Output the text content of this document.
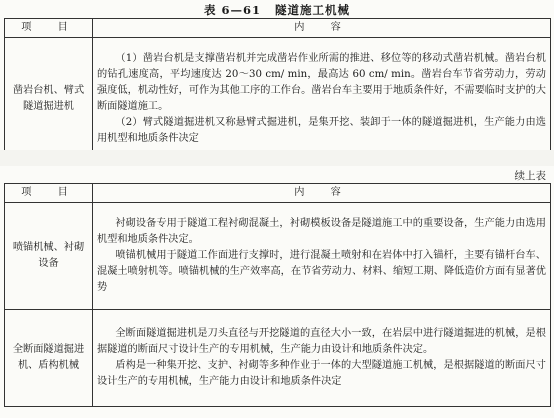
表 6—61 隧道施工机械
项　目	内　容
凿岩台机、臂式隧道掘进机	（1）凿岩台机是支撑凿岩机并完成凿岩作业所需的推进、移位等的移动式凿岩机械。凿岩台机的钻孔速度高，平均速度达 20～30 cm/ min，最高达 60 cm/ min。凿岩台车节省劳动力，劳动强度低，机动性好，可作为其他工序的工作台。凿岩台车主要用于地质条件好，不需要临时支护的大断面隧道施工。

（2）臂式隧道掘进机又称悬臂式掘进机，是集开挖、装卸于一体的隧道掘进机，生产能力由选用机型和地质条件决定

续上表
项　目	内　容
喷锚机械、衬砌设备	衬砌设备专用于隧道工程衬砌混凝土，衬砌模板设备是隧道施工中的重要设备，生产能力由选用机型和地质条件决定。

喷锚机械用于隧道工作面进行支撑时，进行混凝土喷射和在岩体中打入锚杆，主要有锚杆台车、混凝土喷射机等。喷锚机械的生产效率高，在节省劳动力、材料、缩短工期、降低造价方面有显著优势

全断面隧道掘进机、盾构机械	全断面隧道掘进机是刀头直径与开挖隧道的直径大小一致，在岩层中进行隧道掘进的机械，是根据隧道的断面尺寸设计生产的专用机械，生产能力由设计和地质条件决定。

盾构是一种集开挖、支护、衬砌等多种作业于一体的大型隧道施工机械，是根据隧道的断面尺寸设计生产的专用机械，生产能力由设计和地质条件决定
